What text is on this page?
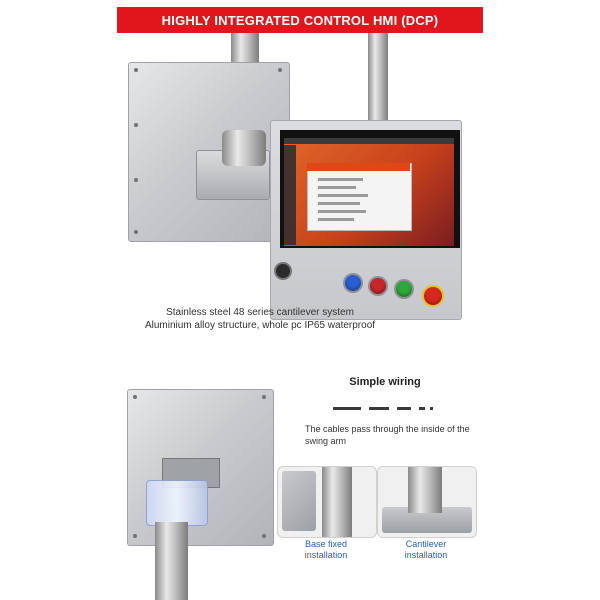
HIGHLY INTEGRATED CONTROL HMI (DCP)
Stainless steel 48 series cantilever system
Aluminium alloy structure, whole pc IP65 waterproof
Simple wiring
The cables pass through the inside of the swing arm
Base fixed
installation
Cantilever
installation
